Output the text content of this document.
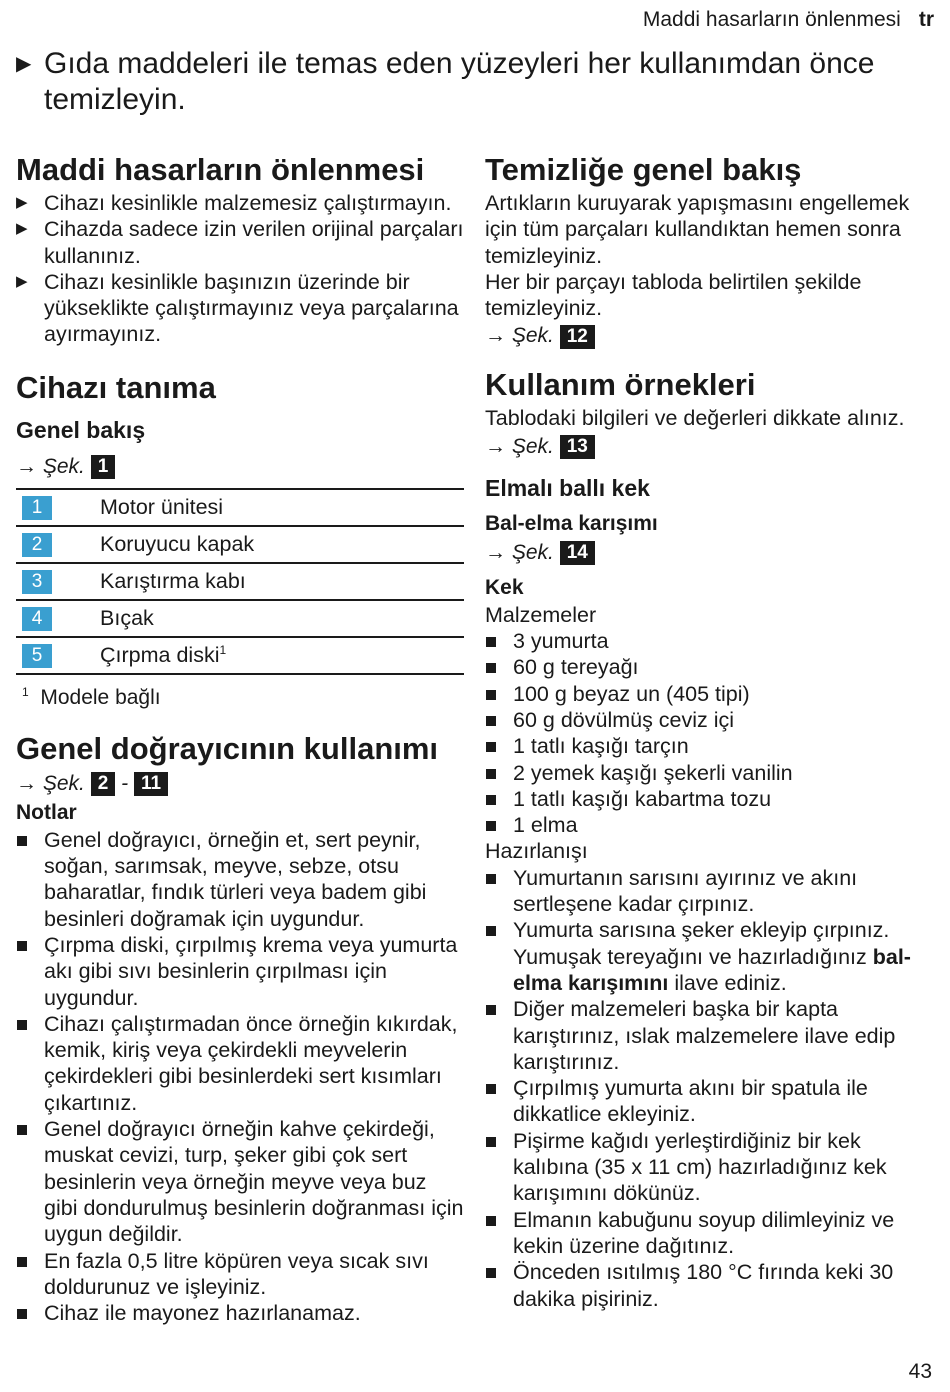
Maddi hasarların önlenmesi tr
▶ Gıda maddeleri ile temas eden yüzeyleri her kullanımdan önce temizleyin.
Maddi hasarların önlenmesi
▶ Cihazı kesinlikle malzemesiz çalıştırmayın.
▶ Cihazda sadece izin verilen orijinal parçaları kullanınız.
▶ Cihazı kesinlikle başınızın üzerinde bir yükseklikte çalıştırmayınız veya parçalarına ayırmayınız.
Cihazı tanıma
Genel bakış
→ Şek. 1
1	Motor ünitesi
2	Koruyucu kapak
3	Karıştırma kabı
4	Bıçak
5	Çırpma diski$^1$
$^1$ Modele bağlı
Genel doğrayıcının kullanımı
→ Şek. 2 - 11
Notlar
Genel doğrayıcı, örneğin et, sert peynir, soğan, sarımsak, meyve, sebze, otsu baharatlar, fındık türleri veya badem gibi besinleri doğramak için uygundur.
Çırpma diski, çırpılmış krema veya yumurta akı gibi sıvı besinlerin çırpılması için uygundur.
Cihazı çalıştırmadan önce örneğin kıkırdak, kemik, kiriş veya çekirdekli meyvelerin çekirdekleri gibi besinlerdeki sert kısımları çıkartınız.
Genel doğrayıcı örneğin kahve çekirdeği, muskat cevizi, turp, şeker gibi çok sert besinlerin veya örneğin meyve veya buz gibi dondurulmuş besinlerin doğranması için uygun değildir.
En fazla 0,5 litre köpüren veya sıcak sıvı doldurunuz ve işleyiniz.
Cihaz ile mayonez hazırlanamaz.
Temizliğe genel bakış

Artıkların kuruyarak yapışmasını engellemek için tüm parçaları kullandıktan hemen sonra temizleyiniz.

Her bir parçayı tabloda belirtilen şekilde temizleyiniz.

→ Şek. 12
Kullanım örnekleri

Tablodaki bilgileri ve değerleri dikkate alınız.

→ Şek. 13
Elmalı ballı kek
Bal-elma karışımı
→ Şek. 14
Kek

Malzemeler

3 yumurta
60 g tereyağı
100 g beyaz un (405 tipi)
60 g dövülmüş ceviz içi
1 tatlı kaşığı tarçın
2 yemek kaşığı şekerli vanilin
1 tatlı kaşığı kabartma tozu
1 elma

Hazırlanışı

Yumurtanın sarısını ayırınız ve akını sertleşene kadar çırpınız.
Yumurta sarısına şeker ekleyip çırpınız. Yumuşak tereyağını ve hazırladığınız bal-elma karışımını ilave ediniz.
Diğer malzemeleri başka bir kapta karıştırınız, ıslak malzemelere ilave edip karıştırınız.
Çırpılmış yumurta akını bir spatula ile dikkatlice ekleyiniz.
Pişirme kağıdı yerleştirdiğiniz bir kek kalıbına (35 x 11 cm) hazırladığınız kek karışımını dökünüz.
Elmanın kabuğunu soyup dilimleyiniz ve kekin üzerine dağıtınız.
Önceden ısıtılmış 180 °C fırında keki 30 dakika pişiriniz.
43
